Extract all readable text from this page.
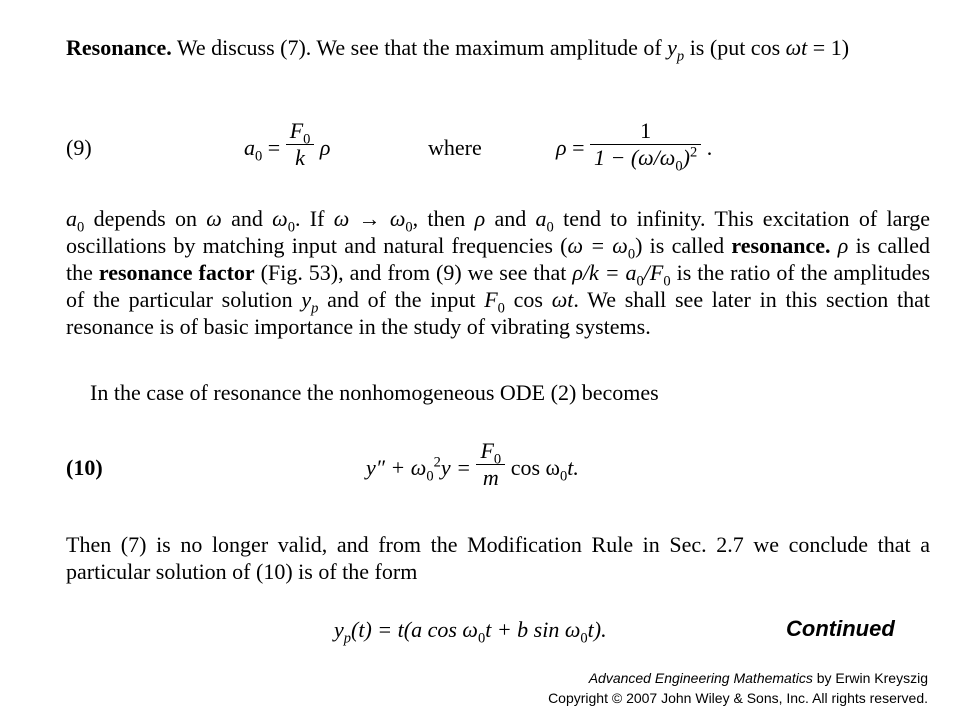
Resonance. We discuss (7). We see that the maximum amplitude of $y_p$ is (put cos ωt = 1)
(9)	$a_0 = \frac{F_0}{k}$ ρ	where	$\rho = \frac{1}{1 - (\omega/\omega_0)^2}$ .
$a_0$ depends on ω and $\omega_0$. If $\omega \to \omega_0$, then ρ and $a_0$ tend to infinity. This excitation of large oscillations by matching input and natural frequencies $(\omega = \omega_0)$ is called resonance. ρ is called the resonance factor (Fig. 53), and from (9) we see that $\rho/k = a_0/F_0$ is the ratio of the amplitudes of the particular solution $y_p$ and of the input $F_0$ cos ωt. We shall see later in this section that resonance is of basic importance in the study of vibrating systems.
In the case of resonance the nonhomogeneous ODE (2) becomes
(10)	$y'' + \omega_0^2y = \frac{F_0}{m}$ $\cos \omega_0t$.
Then (7) is no longer valid, and from the Modification Rule in Sec. 2.7 we conclude that a particular solution of (10) is of the form
$y_p(t) = t(a$ $\cos \omega_0t + b$ $\sin \omega_0t$).	Continued
Advanced Engineering Mathematics by Erwin Kreyszig
Copyright © 2007 John Wiley & Sons, Inc. All rights reserved.
